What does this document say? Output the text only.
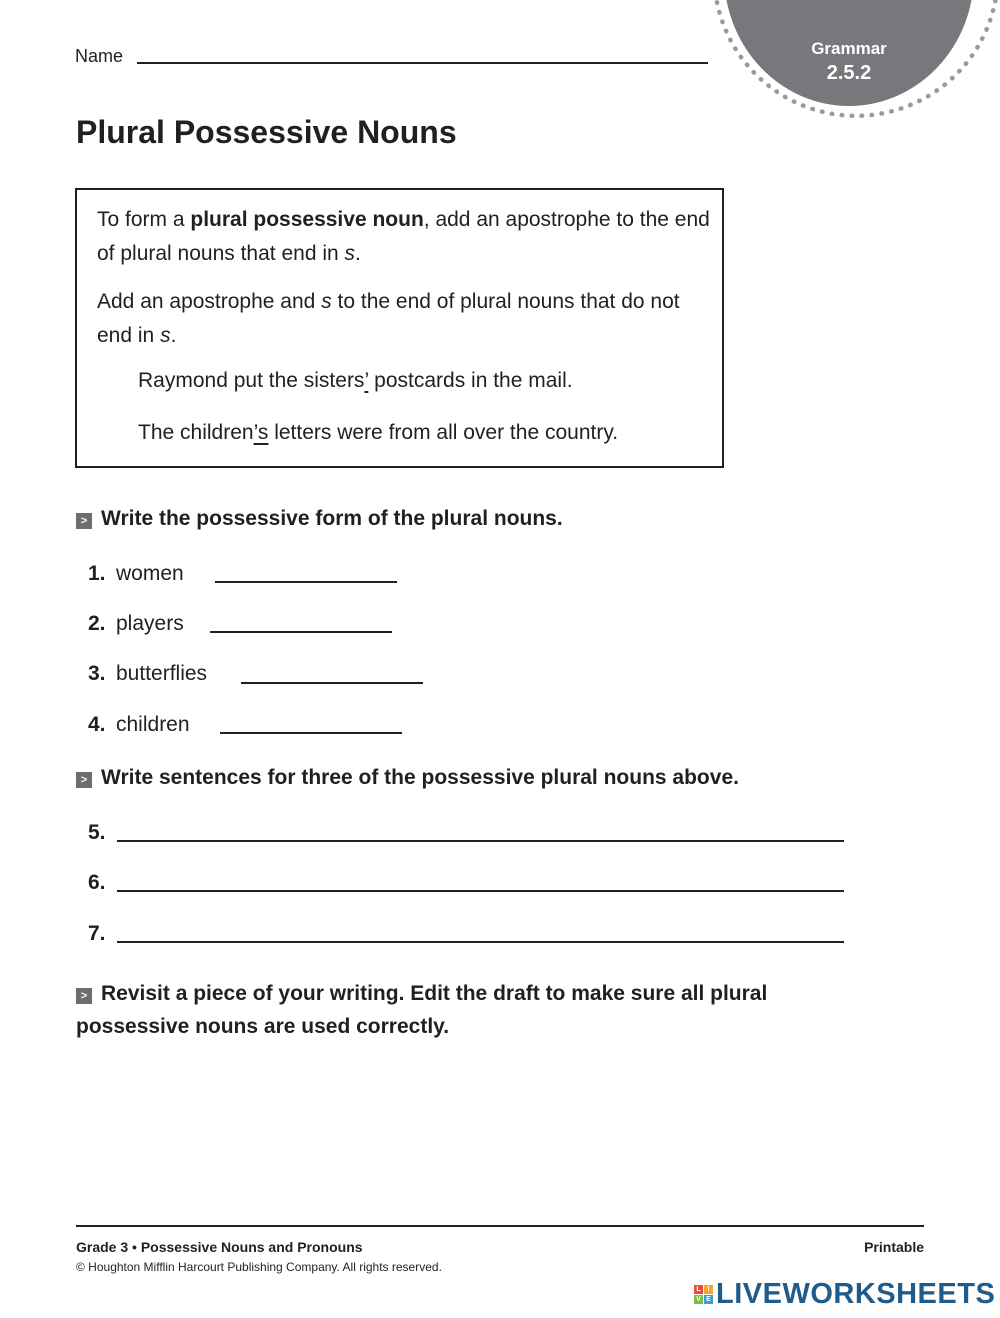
Grammar
2.5.2
Name
Plural Possessive Nouns
To form a plural possessive noun, add an apostrophe to the end of plural nouns that end in s.
Add an apostrophe and s to the end of plural nouns that do not end in s.
Raymond put the sisters’ postcards in the mail.
The children’s letters were from all over the country.
> Write the possessive form of the plural nouns.
1. women
2. players
3. butterflies
4. children
> Write sentences for three of the possessive plural nouns above.
5.
6.
7.
> Revisit a piece of your writing. Edit the draft to make sure all plural possessive nouns are used correctly.
Grade 3 • Possessive Nouns and Pronouns	Printable
© Houghton Mifflin Harcourt Publishing Company. All rights reserved.
L I
V E LIVEWORKSHEETS
